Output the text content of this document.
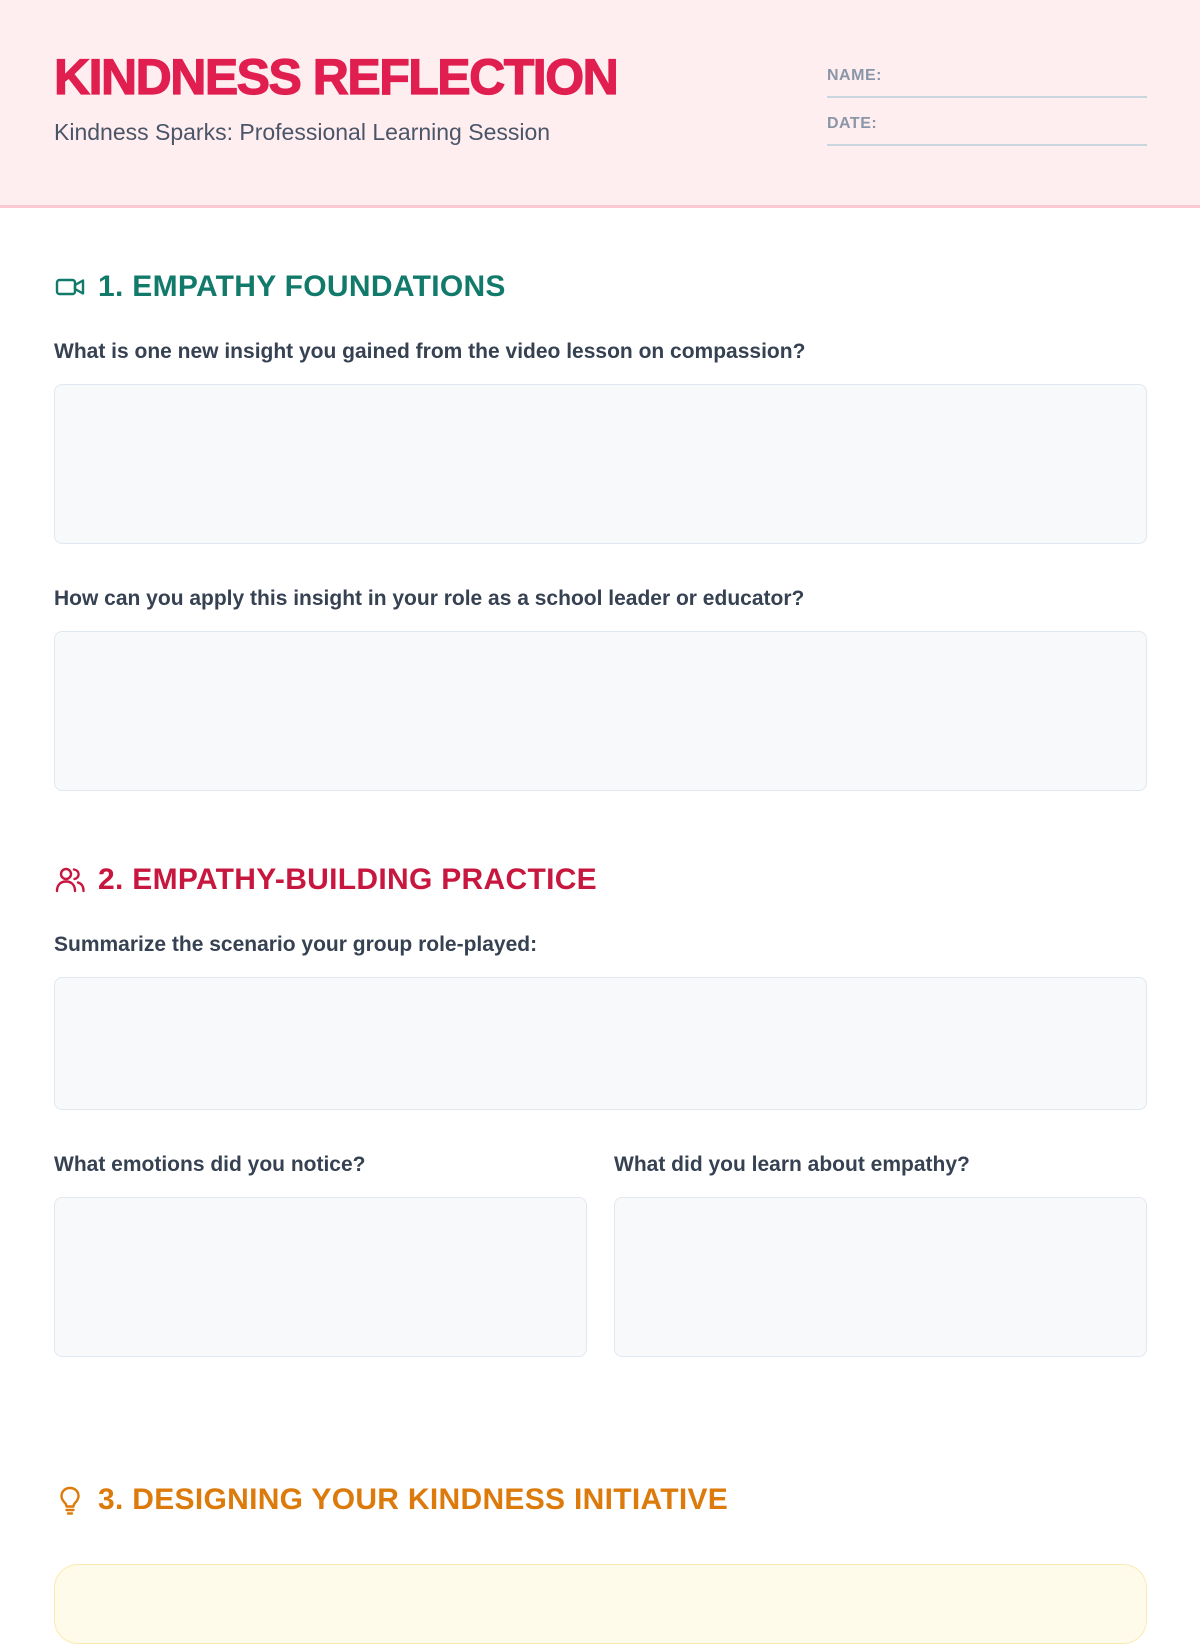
KINDNESS REFLECTION

Kindness Sparks: Professional Learning Session

NAME:
DATE:
1. EMPATHY FOUNDATIONS

What is one new insight you gained from the video lesson on compassion?

How can you apply this insight in your role as a school leader or educator?

2. EMPATHY-BUILDING PRACTICE

Summarize the scenario your group role-played:

What emotions did you notice?	What did you learn about empathy?

3. DESIGNING YOUR KINDNESS INITIATIVE
